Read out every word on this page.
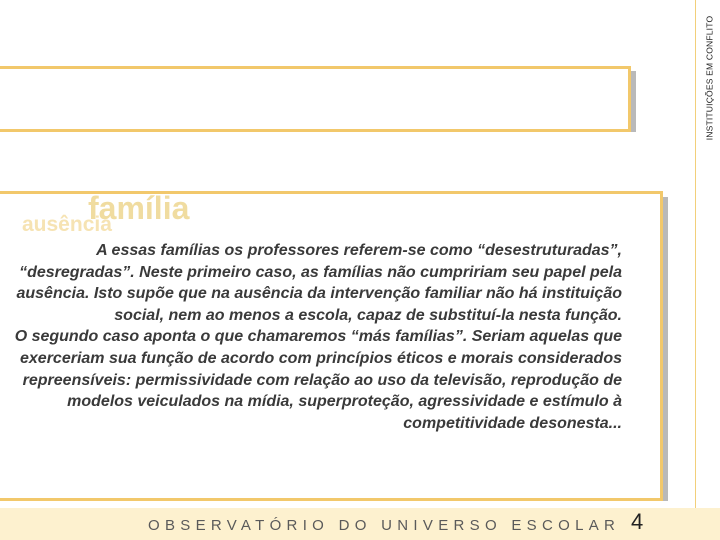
INSTITUIÇÕES EM CONFLITO
ausência
família

A essas famílias os professores referem-se como “desestruturadas”, “desregradas”. Neste primeiro caso, as famílias não cumpririam seu papel pela ausência. Isto supõe que na ausência da intervenção familiar não há instituição social, nem ao menos a escola, capaz de substituí-la nesta função.

O segundo caso aponta o que chamaremos “más famílias”. Seriam aquelas que exerceriam sua função de acordo com princípios éticos e morais considerados repreensíveis: permissividade com relação ao uso da televisão, reprodução de modelos veiculados na mídia, superproteção, agressividade e estímulo à competitividade desonesta...

OBSERVATÓRIO DO UNIVERSO ESCOLAR 4
